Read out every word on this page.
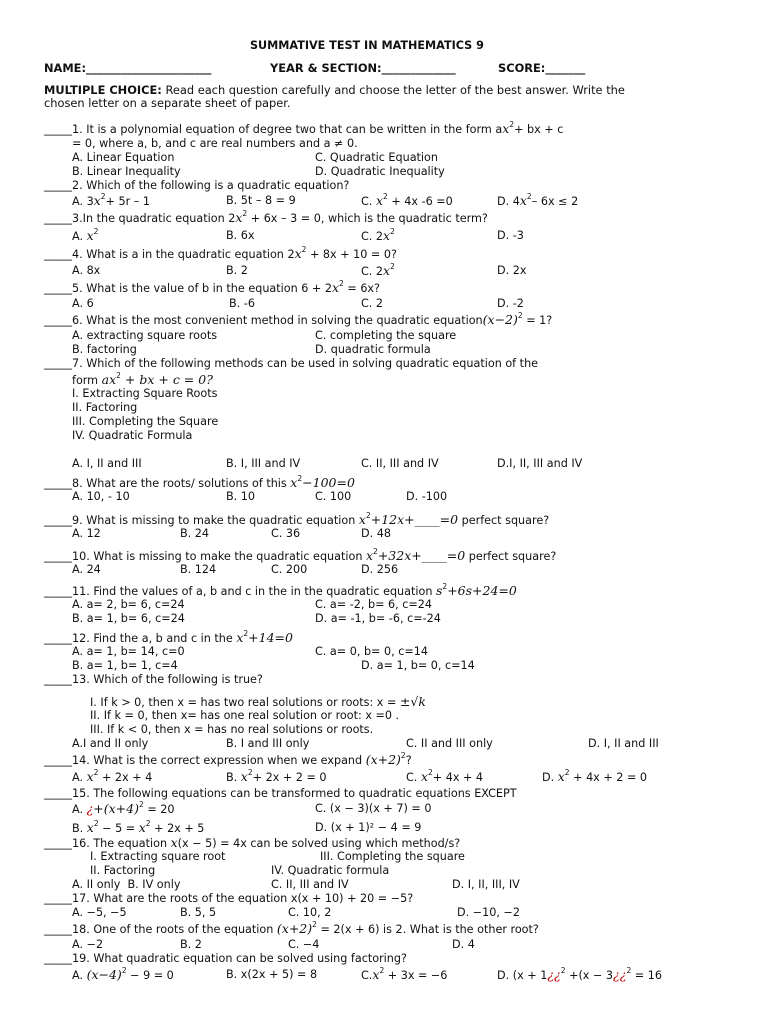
SUMMATIVE TEST IN MATHEMATICS 9
NAME:______________________	YEAR & SECTION:_____________	SCORE:_______
MULTIPLE CHOICE: Read each question carefully and choose the letter of the best answer. Write the
chosen letter on a separate sheet of paper.
_____1. It is a polynomial equation of degree two that can be written in the form $ax^2+$ bx + c
= 0, where a, b, and c are real numbers and a ≠ 0.
A. Linear Equation	C. Quadratic Equation
B. Linear Inequality	D. Quadratic Inequality
_____2. Which of the following is a quadratic equation?
A. $3x^2+ 5r - 1$	B. 5t – 8 = 9	C. $x^2 + 4x$ -6 =0	D. $4x^2-$ 6x ≤ 2
_____3.In the quadratic equation $2x^2 + 6x - 3 = 0$, which is the quadratic term?
A. $x^2$	B. 6x	C. $2x^2$	D. -3
_____4. What is a in the quadratic equation $2x^2 + 8x + 10 = 0$?
A. 8x	B. 2	C. $2x^2$	D. 2x
_____5. What is the value of b in the equation $6 + 2x^2 = 6x$?
A. 6	B. -6	C. 2	D. -2
_____6. What is the most convenient method in solving the quadratic $equation(x-2)^2 = 1$?
A. extracting square roots	C. completing the square
B. factoring	D. quadratic formula
_____7. Which of the following methods can be used in solving quadratic equation of the
form $ax^2$ + bx + c = 0?
I. Extracting Square Roots
II. Factoring
III. Completing the Square
IV. Quadratic Formula
A. I, II and III	B. I, III and IV	C. II, III and IV	D.I, II, III and IV
_____8. What are the roots/ solutions of this $x^2-100=0$
A. 10, - 10	B. 10	C. 100	D. -100
_____9. What is missing to make the quadratic equation $x^2+12x+\_\_\_\_=0$ perfect square?
A. 12	B. 24	C. 36	D. 48
_____10. What is missing to make the quadratic equation $x^2+32x+\_\_\_\_=0$ perfect square?
A. 24	B. 124	C. 200	D. 256
_____11. Find the values of a, b and c in the in the quadratic equation $s^2+6s+24=0$
A. a= 2, b= 6, c=24	C. a= -2, b= 6, c=24
B. a= 1, b= 6, c=24	D. a= -1, b= -6, c=-24
_____12. Find the a, b and c in the $x^2+14=0$
A. a= 1, b= 14, c=0	C. a= 0, b= 0, c=14
B. a= 1, b= 1, c=4	D. a= 1, b= 0, c=14
_____13. Which of the following is true?
I. If k > 0, then x = has two real solutions or roots: x = ±√k
II. If k = 0, then x= has one real solution or root: x =0 .
III. If k < 0, then x = has no real solutions or roots.
A.I and II only	B. I and III only	C. II and III only	D. I, II and III
_____14. What is the correct expression when we expand $(x+2)^2$?
A. $x^2 + 2x + 4$	B. $x^2+ 2x + 2 = 0$	C. $x^2+ 4x + 4$	D. $x^2 + 4x + 2 = 0$
_____15. The following equations can be transformed to quadratic equations EXCEPT
A. ¿$+(x+4)^2 = 20$	C. (x − 3)(x + 7) = 0
B. $x^2 - 5 = x^2 + 2x + 5$	D. (x + 1)² − 4 = 9
_____16. The equation x(x − 5) = 4x can be solved using which method/s?
I. Extracting square root	III. Completing the square
II. Factoring	IV. Quadratic formula
A. II only  B. IV only	C. II, III and IV	D. I, II, III, IV
_____17. What are the roots of the equation x(x + 10) + 20 = −5?
A. −5, −5	B. 5, 5	C. 10, 2	D. −10, −2
_____18. One of the roots of the equation $(x+2)^2 = 2(x + 6)$ is 2. What is the other root?
A. −2	B. 2	C. −4	D. 4
_____19. What quadratic equation can be solved using factoring?
A. $(x-4)^2 - 9 = 0$	B. x(2x + 5) = 8	$C.x^2 + 3x = -6$	D. (x + 1¿¿$^2$ +(x − 3¿¿$^2$ = 16
